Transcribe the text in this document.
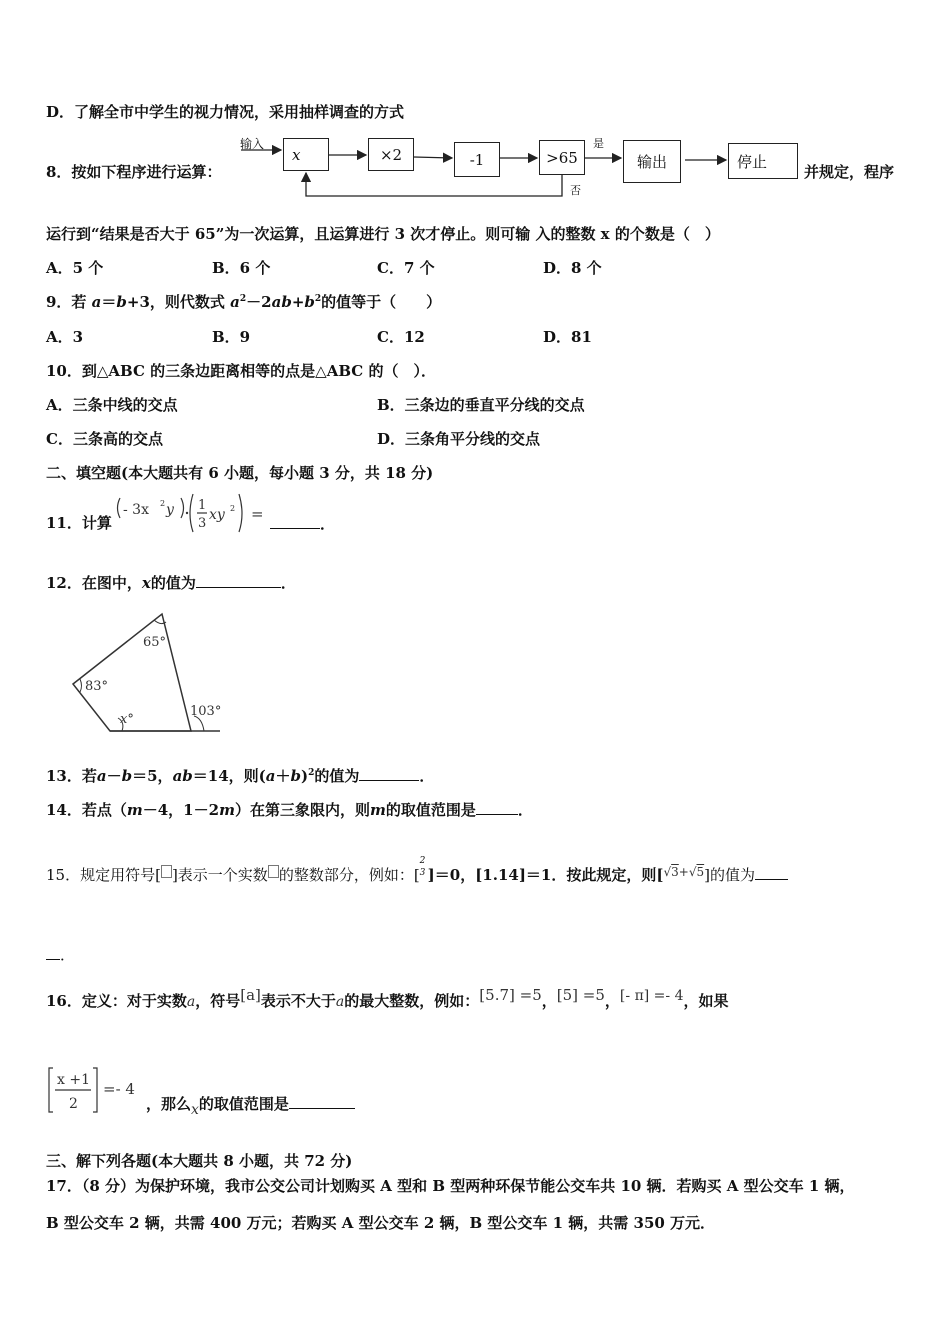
D．了解全市中学生的视力情况，采用抽样调查的方式
8．按如下程序进行运算：
输入
x	×2	-1	>65
是
否
输出	停止
并规定，程序
运行到“结果是否大于 65”为一次运算，且运算进行 3 次才停止。则可输 入的整数 x 的个数是（　）
A．5 个	B．6 个	C．7 个	D．8 个
9．若 a＝b+3，则代数式 $a^2-2ab+b^2$的值等于（　　）
A．3	B．9	C．12	D．81
10．到△ABC 的三条边距离相等的点是△ABC 的（　）．
A．三条中线的交点	B．三条边的垂直平分线的交点
C．三条高的交点	D．三条角平分线的交点
二、填空题(本大题共有 6 小题，每小题 3 分，共 18 分)
11．计算
- 3x 2 y 1
3
xy 2 =
．
12．在图中，x的值为	．
65°
83°
x°
103°
13．若a－b＝5，ab＝14，则$(a+b)^2$的值为	．
14．若点（m－4，1－2m）在第三象限内，则m的取值范围是	．
15．规定用符号[ ]表示一个实数 的整数部分，例如：[
2
3 ]＝0，[1.14]＝1．按此规定，则[$^{√3+√5}$]的值为
．
16．定义：对于实数a，符号[a]表示不大于a的最大整数，例如：[5.7] =5，[5] =5，[- π] =- 4，如果
x +1
2
=- 4
，那么x的取值范围是
三、解下列各题(本大题共 8 小题，共 72 分)
17．（8 分）为保护环境，我市公交公司计划购买 A 型和 B 型两种环保节能公交车共 10 辆．若购买 A 型公交车 1 辆，
B 型公交车 2 辆，共需 400 万元；若购买 A 型公交车 2 辆，B 型公交车 1 辆，共需 350 万元．
